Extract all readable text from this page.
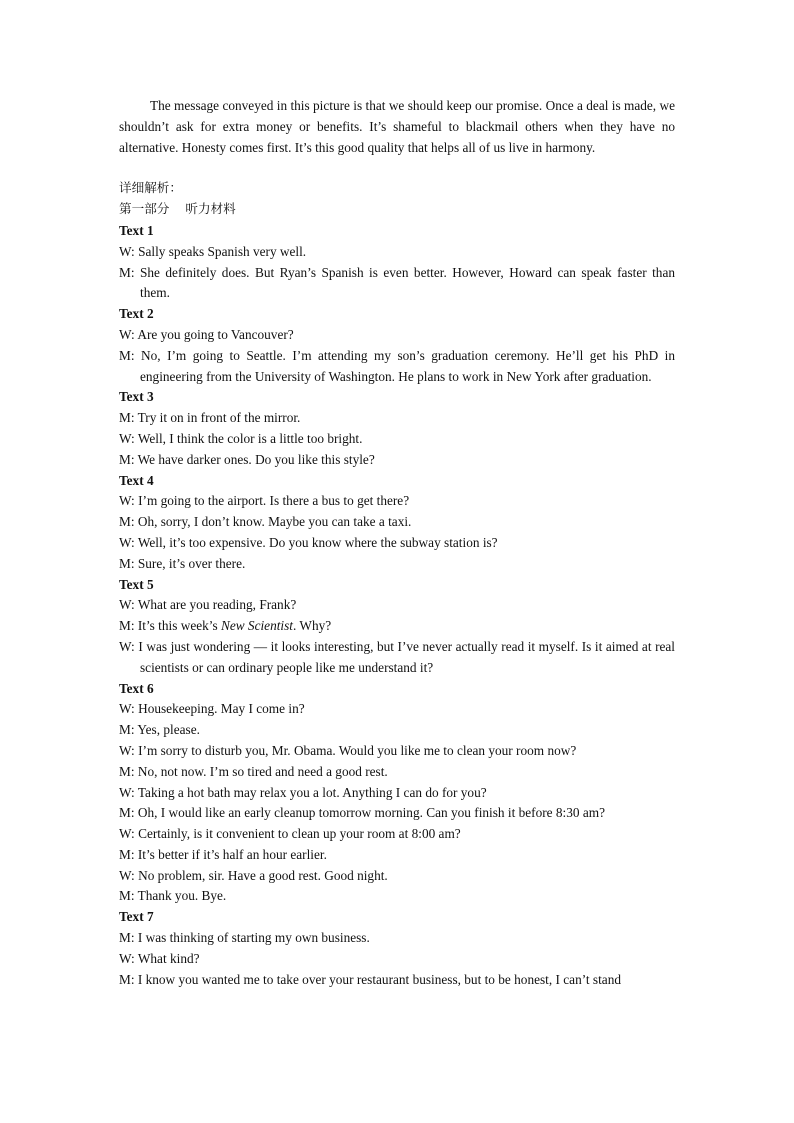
The message conveyed in this picture is that we should keep our promise. Once a deal is made, we shouldn’t ask for extra money or benefits. It’s shameful to blackmail others when they have no alternative. Honesty comes first. It’s this good quality that helps all of us live in harmony.

详细解析：

第一部分    听力材料

Text 1

W: Sally speaks Spanish very well.

M: She definitely does. But Ryan’s Spanish is even better. However, Howard can speak faster than them.

Text 2

W: Are you going to Vancouver?

M: No, I’m going to Seattle. I’m attending my son’s graduation ceremony. He’ll get his PhD in engineering from the University of Washington. He plans to work in New York after graduation.

Text 3

M: Try it on in front of the mirror.

W: Well, I think the color is a little too bright.

M: We have darker ones. Do you like this style?

Text 4

W: I’m going to the airport. Is there a bus to get there?

M: Oh, sorry, I don’t know. Maybe you can take a taxi.

W: Well, it’s too expensive. Do you know where the subway station is?

M: Sure, it’s over there.

Text 5

W: What are you reading, Frank?

M: It’s this week’s New Scientist. Why?

W: I was just wondering — it looks interesting, but I’ve never actually read it myself. Is it aimed at real scientists or can ordinary people like me understand it?

Text 6

W: Housekeeping. May I come in?

M: Yes, please.

W: I’m sorry to disturb you, Mr. Obama. Would you like me to clean your room now?

M: No, not now. I’m so tired and need a good rest.

W: Taking a hot bath may relax you a lot. Anything I can do for you?

M: Oh, I would like an early cleanup tomorrow morning. Can you finish it before 8:30 am?

W: Certainly, is it convenient to clean up your room at 8:00 am?

M: It’s better if it’s half an hour earlier.

W: No problem, sir. Have a good rest. Good night.

M: Thank you. Bye.

Text 7

M: I was thinking of starting my own business.

W: What kind?

M: I know you wanted me to take over your restaurant business, but to be honest, I can’t stand
